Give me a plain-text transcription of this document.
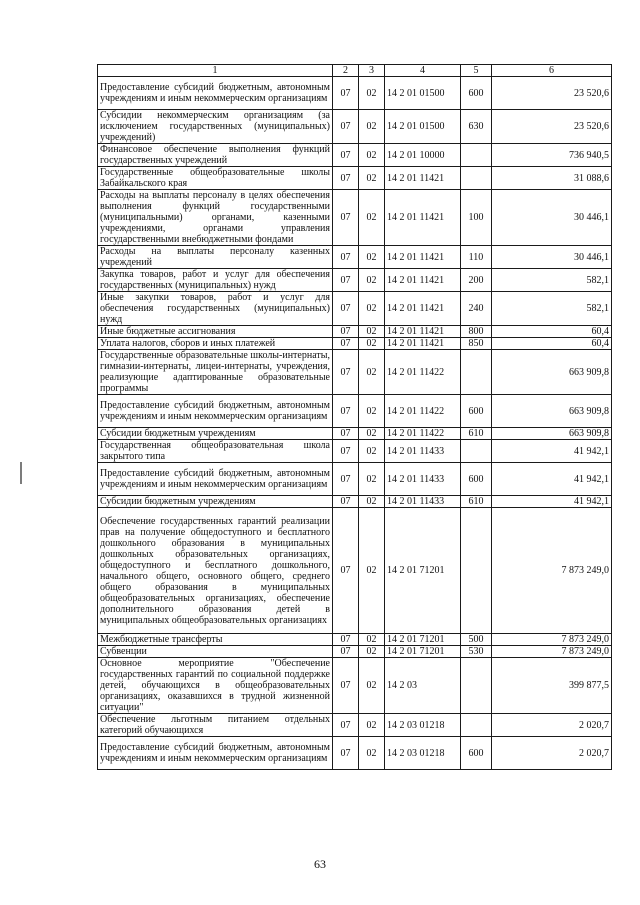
1	2	3	4	5	6
Предоставление субсидий бюджетным, автономным учреждениям и иным некоммерческим организациям	07	02	14 2 01 01500	600	23 520,6
Субсидии некоммерческим организациям (за исключением государственных (муниципальных) учреждений)	07	02	14 2 01 01500	630	23 520,6
Финансовое обеспечение выполнения функций государственных учреждений	07	02	14 2 01 10000		736 940,5
Государственные общеобразовательные школы Забайкальского края	07	02	14 2 01 11421		31 088,6
Расходы на выплаты персоналу в целях обеспечения выполнения функций государственными (муниципальными) органами, казенными учреждениями, органами управления государственными внебюджетными фондами	07	02	14 2 01 11421	100	30 446,1
Расходы на выплаты персоналу казенных учреждений	07	02	14 2 01 11421	110	30 446,1
Закупка товаров, работ и услуг для обеспечения государственных (муниципальных) нужд	07	02	14 2 01 11421	200	582,1
Иные закупки товаров, работ и услуг для обеспечения государственных (муниципальных) нужд	07	02	14 2 01 11421	240	582,1
Иные бюджетные ассигнования	07	02	14 2 01 11421	800	60,4
Уплата налогов, сборов и иных платежей	07	02	14 2 01 11421	850	60,4
Государственные образовательные школы-интернаты, гимназии-интернаты, лицеи-интернаты, учреждения, реализующие адаптированные образовательные программы	07	02	14 2 01 11422		663 909,8
Предоставление субсидий бюджетным, автономным учреждениям и иным некоммерческим организациям	07	02	14 2 01 11422	600	663 909,8
Субсидии бюджетным учреждениям	07	02	14 2 01 11422	610	663 909,8
Государственная общеобразовательная школа закрытого типа	07	02	14 2 01 11433		41 942,1
Предоставление субсидий бюджетным, автономным учреждениям и иным некоммерческим организациям	07	02	14 2 01 11433	600	41 942,1
Субсидии бюджетным учреждениям	07	02	14 2 01 11433	610	41 942,1
Обеспечение государственных гарантий реализации прав на получение общедоступного и бесплатного дошкольного образования в муниципальных дошкольных образовательных организациях, общедоступного и бесплатного дошкольного, начального общего, основного общего, среднего общего образования в муниципальных общеобразовательных организациях, обеспечение дополнительного образования детей в муниципальных общеобразовательных организациях	07	02	14 2 01 71201		7 873 249,0
Межбюджетные трансферты	07	02	14 2 01 71201	500	7 873 249,0
Субвенции	07	02	14 2 01 71201	530	7 873 249,0
Основное мероприятие "Обеспечение государственных гарантий по социальной поддержке детей, обучающихся в общеобразовательных организациях, оказавшихся в трудной жизненной ситуации"	07	02	14 2 03		399 877,5
Обеспечение льготным питанием отдельных категорий обучающихся	07	02	14 2 03 01218		2 020,7
Предоставление субсидий бюджетным, автономным учреждениям и иным некоммерческим организациям	07	02	14 2 03 01218	600	2 020,7
63
